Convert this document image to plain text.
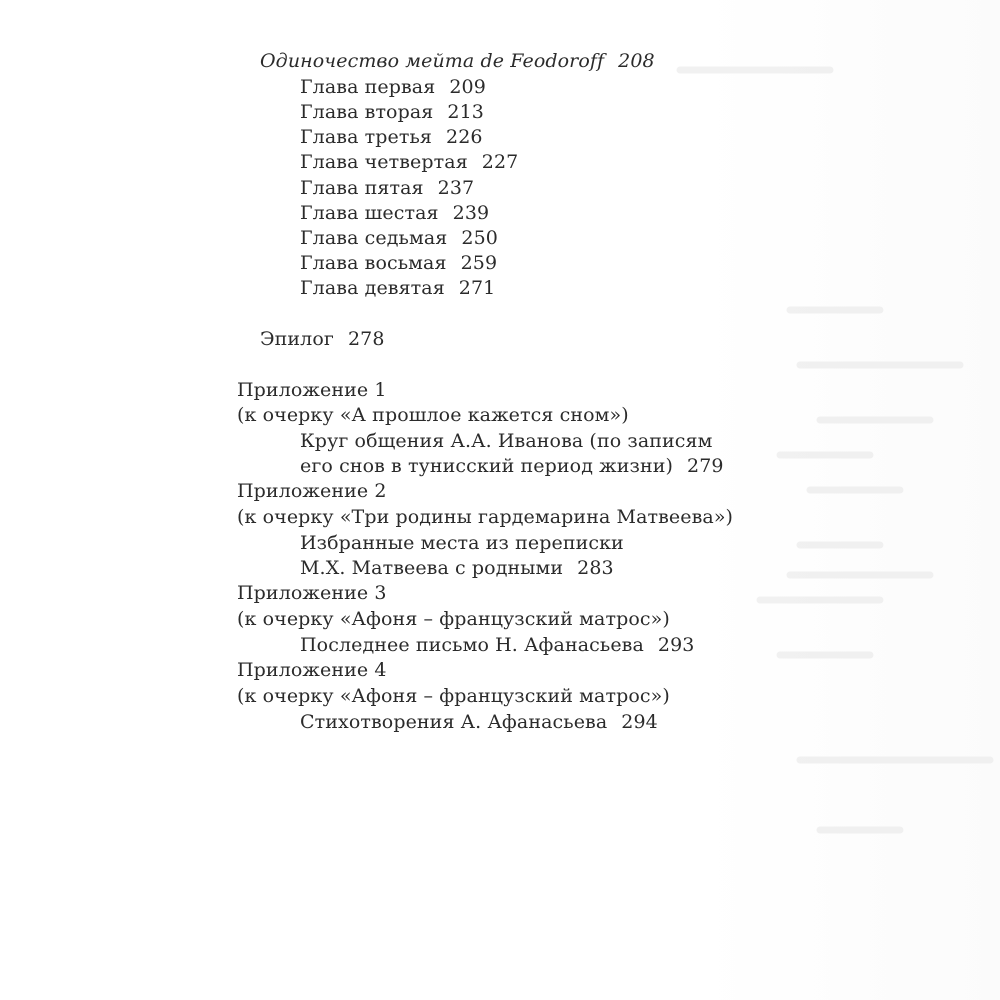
Одиночество мейта de Feodoroff 208
Глава первая 209
Глава вторая 213
Глава третья 226
Глава четвертая 227
Глава пятая 237
Глава шестая 239
Глава седьмая 250
Глава восьмая 259
Глава девятая 271
Эпилог 278
Приложение 1
(к очерку «А прошлое кажется сном»)
Круг общения А.А. Иванова (по записям
его снов в тунисский период жизни) 279
Приложение 2
(к очерку «Три родины гардемарина Матвеева»)
Избранные места из переписки
М.Х. Матвеева с родными 283
Приложение 3
(к очерку «Афоня – французский матрос»)
Последнее письмо Н. Афанасьева 293
Приложение 4
(к очерку «Афоня – французский матрос»)
Стихотворения А. Афанасьева 294
